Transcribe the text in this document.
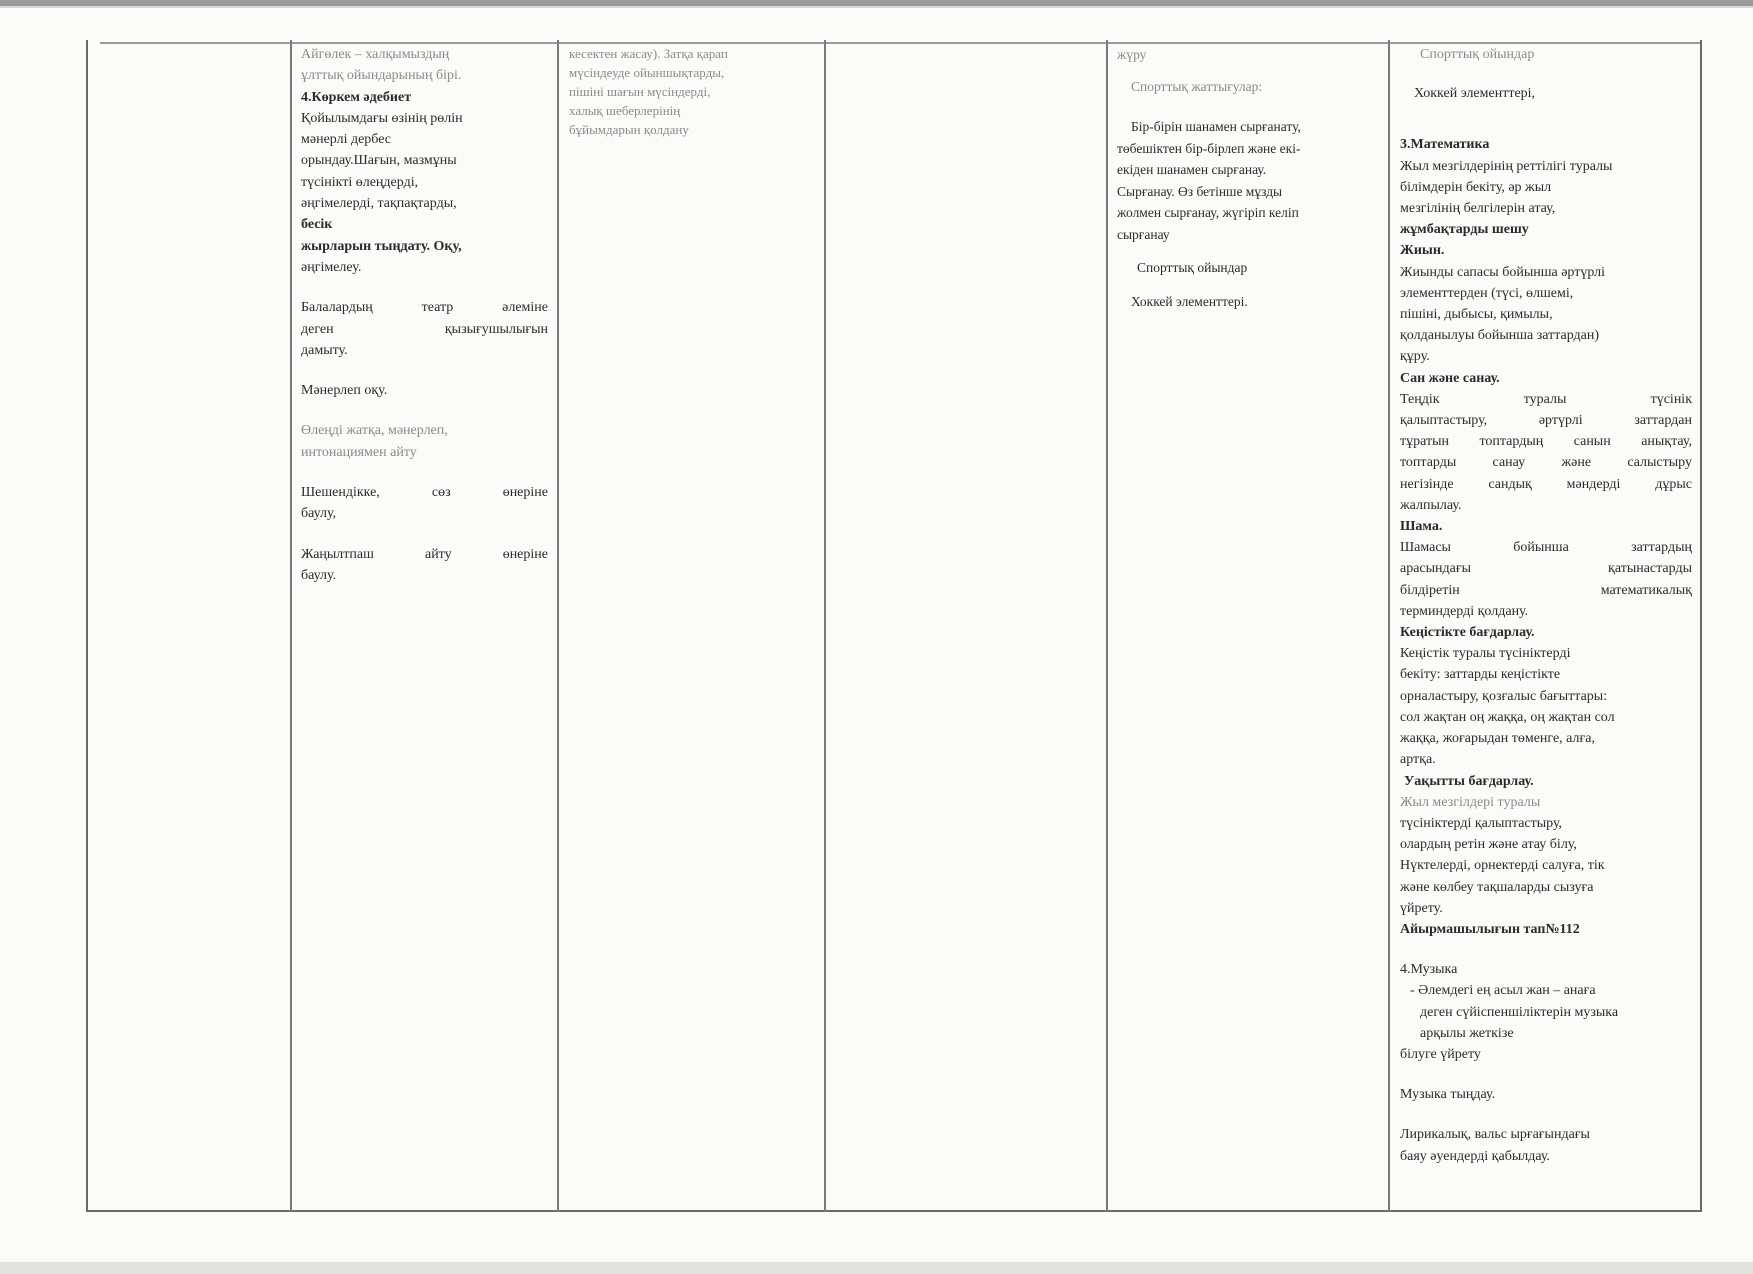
Айгөлек – халқымыздың

ұлттық ойындарының бірі.

4.Көркем әдебиет

Қойылымдағы өзінің рөлін

мәнерлі дербес

орындау.Шағын, мазмұны

түсінікті өлеңдерді,

әңгімелерді, тақпақтарды,

бесік

жырларын тыңдату. Оқу,

әңгімелеу.

Балалардың театр әлеміне

деген қызығушылығын

дамыту.

Мәнерлеп оқу.

Өлеңді жатқа, мәнерлеп,

интонациямен айту

Шешендікке, сөз өнеріне

баулу,

Жаңылтпаш айту өнеріне

баулу.

кесектен жасау). Затқа қарап

мүсіндеуде ойыншықтарды,

пішіні шағын мүсіндерді,

халық шеберлерінің

бұйымдарын қолдану

жүру

Спорттық жаттығулар:

Бір-бірін шанамен сырғанату,

төбешіктен бір-бірлеп және екі-

екіден шанамен сырғанау.

Сырғанау. Өз бетінше мұзды

жолмен сырғанау, жүгіріп келіп

сырғанау

Спорттық ойындар

Хоккей элементтері.

Спорттық ойындар

Хоккей элементтері,

3.Математика

Жыл мезгілдерінің реттілігі туралы

білімдерін бекіту, әр жыл

мезгілінің белгілерін атау,

жұмбақтарды шешу

Жиын.

Жиынды сапасы бойынша әртүрлі

элементтерден (түсі, өлшемі,

пішіні, дыбысы, қимылы,

қолданылуы бойынша заттардан)

құру.

Сан және санау.

Теңдік туралы түсінік

қалыптастыру, әртүрлі заттардан

тұратын топтардың санын анықтау,

топтарды санау және салыстыру

негізінде сандық мәндерді дұрыс

жалпылау.

Шама.

Шамасы бойынша заттардың

арасындағы қатынастарды

білдіретін математикалық

терминдерді қолдану.

Кеңістікте бағдарлау.

Кеңістік туралы түсініктерді

бекіту: заттарды кеңістікте

орналастыру, қозғалыс бағыттары:

сол жақтан оң жаққа, оң жақтан сол

жаққа, жоғарыдан төменге, алға,

артқа.

Уақытты бағдарлау.

Жыл мезгілдері туралы

түсініктерді қалыптастыру,

олардың ретін және атау білу,

Нүктелерді, орнектерді салуға, тік

және көлбеу тақшаларды сызуға

үйрету.

Айырмашылығын тап№112

4.Музыка

- Әлемдегі ең асыл жан – анаға

деген сүйіспеншіліктерін музыка

арқылы жеткізе

білуге үйрету

Музыка тыңдау.

Лирикалық, вальс ырғағындағы

баяу әуендерді қабылдау.
